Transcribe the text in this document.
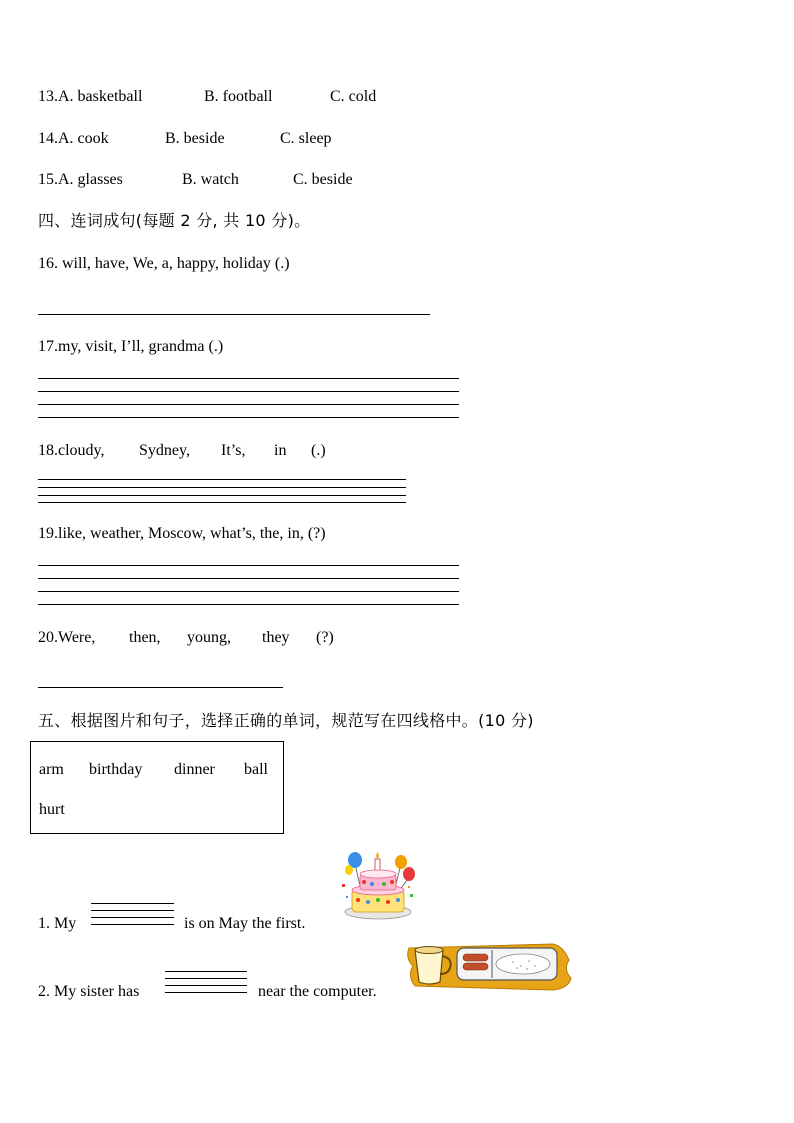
13.A. basketball	B. football	C. cold
14.A. cook	B. beside	C. sleep
15.A. glasses	B. watch	C. beside
四、连词成句(每题 2 分, 共 10 分)。
16. will, have, We, a, happy, holiday (.)
17.my, visit, I’ll, grandma (.)
18.cloudy, Sydney, It’s, in (.)
19.like, weather, Moscow, what’s, the, in, (?)
20.Were, then, young, they (?)
五、根据图片和句子，选择正确的单词，规范写在四线格中。(10 分)
arm birthday dinner ball
hurt
1. My	is on May the first.
2. My sister has	near the computer.
